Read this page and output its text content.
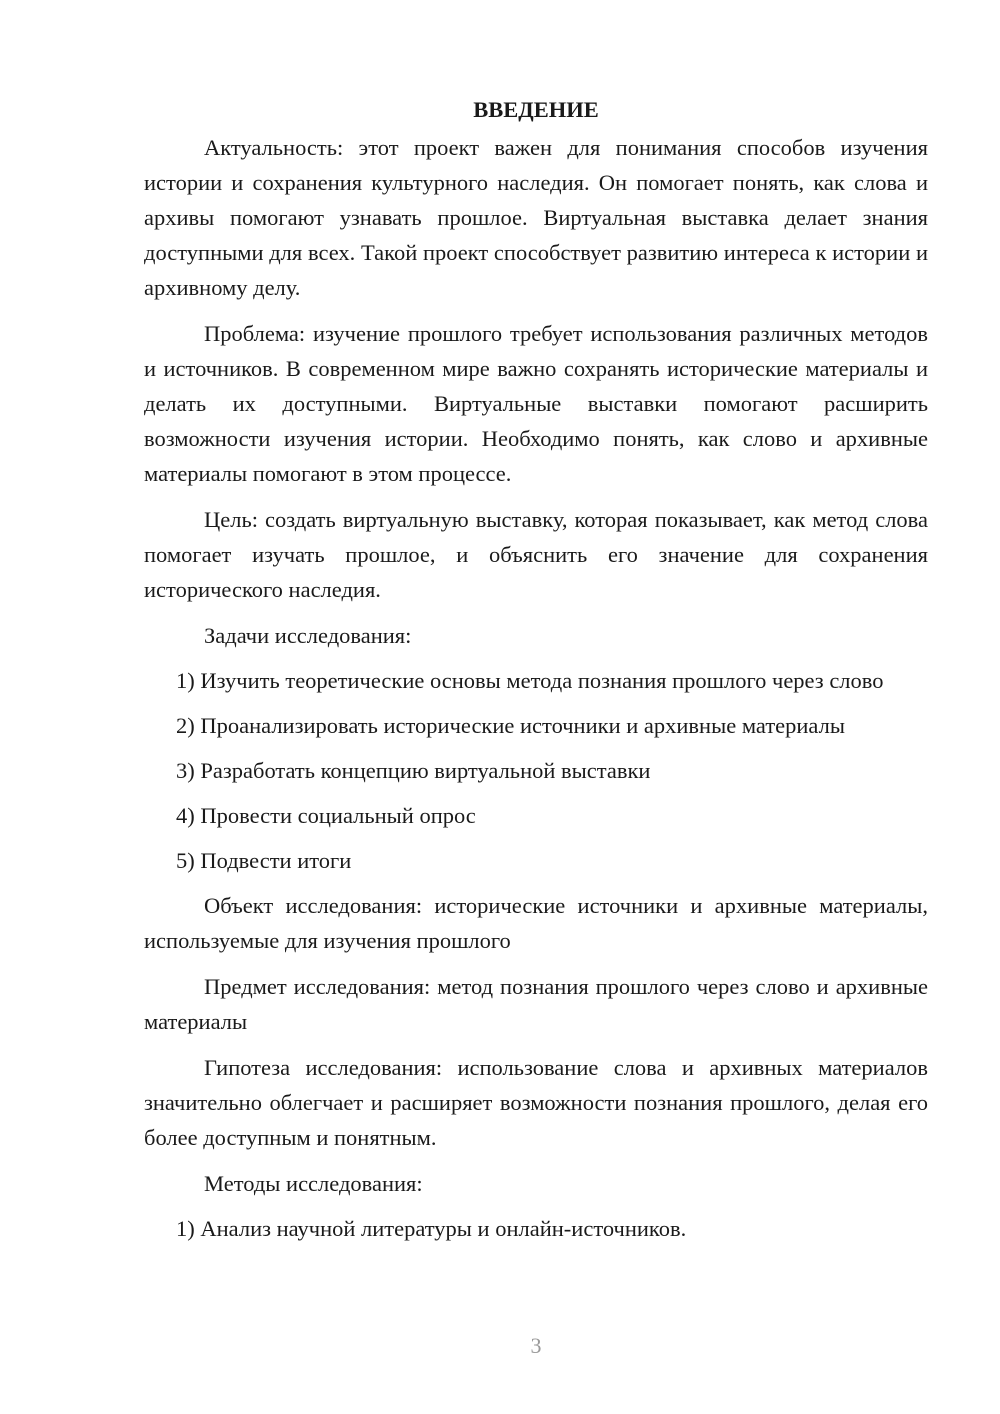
ВВЕДЕНИЕ

Актуальность: этот проект важен для понимания способов изучения истории и сохранения культурного наследия. Он помогает понять, как слова и архивы помогают узнавать прошлое. Виртуальная выставка делает знания доступными для всех. Такой проект способствует развитию интереса к истории и архивному делу.

Проблема: изучение прошлого требует использования различных методов и источников. В современном мире важно сохранять исторические материалы и делать их доступными. Виртуальные выставки помогают расширить возможности изучения истории. Необходимо понять, как слово и архивные материалы помогают в этом процессе.

Цель: создать виртуальную выставку, которая показывает, как метод слова помогает изучать прошлое, и объяснить его значение для сохранения исторического наследия.

Задачи исследования:

1) Изучить теоретические основы метода познания прошлого через слово

2) Проанализировать исторические источники и архивные материалы

3) Разработать концепцию виртуальной выставки

4) Провести социальный опрос

5) Подвести итоги

Объект исследования: исторические источники и архивные материалы, используемые для изучения прошлого

Предмет исследования: метод познания прошлого через слово и архивные материалы

Гипотеза исследования: использование слова и архивных материалов значительно облегчает и расширяет возможности познания прошлого, делая его более доступным и понятным.

Методы исследования:

1) Анализ научной литературы и онлайн-источников.

3
